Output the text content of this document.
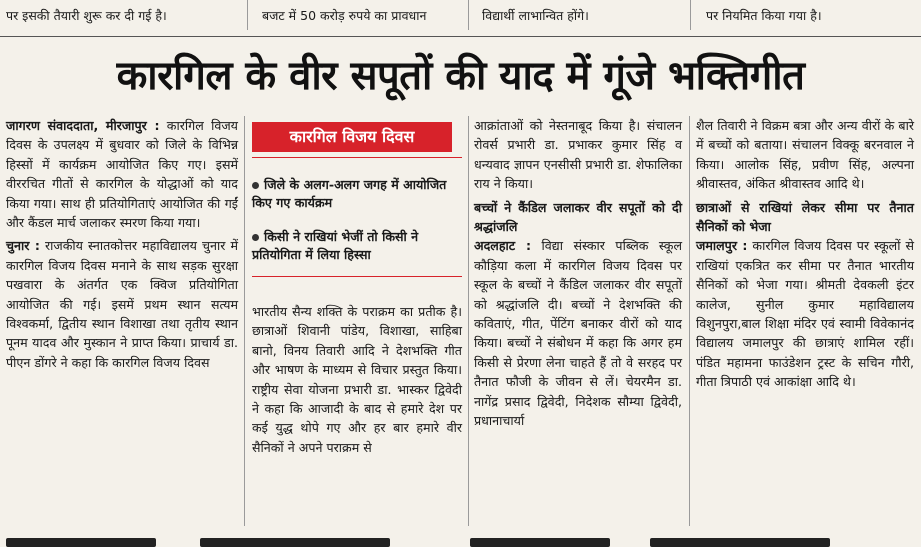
पर इसकी तैयारी शुरू कर दी गई है।	बजट में 50 करोड़ रुपये का प्रावधान	विद्यार्थी लाभान्वित होंगे।	पर नियमित किया गया है।
कारगिल के वीर सपूतों की याद में गूंजे भक्तिगीत

जागरण संवाददाता, मीरजापुर : कारगिल विजय दिवस के उपलक्ष्य में बुधवार को जिले के विभिन्न हिस्सों में कार्यक्रम आयोजित किए गए। इसमें वीररचित गीतों से कारगिल के योद्धाओं को याद किया गया। साथ ही प्रतियोगिताएं आयोजित की गईं और कैंडल मार्च जलाकर स्मरण किया गया।

चुनार : राजकीय स्नातकोत्तर महाविद्यालय चुनार में कारगिल विजय दिवस मनाने के साथ सड़क सुरक्षा पखवारा के अंतर्गत एक क्विज प्रतियोगिता आयोजित की गई। इसमें प्रथम स्थान सत्यम विश्वकर्मा, द्वितीय स्थान विशाखा तथा तृतीय स्थान पूनम यादव और मुस्कान ने प्राप्त किया। प्राचार्य डा. पीएन डोंगरे ने कहा कि कारगिल विजय दिवस

कारगिल विजय दिवस
जिले के अलग-अलग जगह में आयोजित किए गए कार्यक्रम
किसी ने राखियां भेजीं तो किसी ने प्रतियोगिता में लिया हिस्सा

भारतीय सैन्य शक्ति के पराक्रम का प्रतीक है। छात्राओं शिवानी पांडेय, विशाखा, साहिबा बानो, विनय तिवारी आदि ने देशभक्ति गीत और भाषण के माध्यम से विचार प्रस्तुत किया। राष्ट्रीय सेवा योजना प्रभारी डा. भास्कर द्विवेदी ने कहा कि आजादी के बाद से हमारे देश पर कई युद्ध थोपे गए और हर बार हमारे वीर सैनिकों ने अपने पराक्रम से

आक्रांताओं को नेस्तनाबूद किया है। संचालन रोवर्स प्रभारी डा. प्रभाकर कुमार सिंह व धन्यवाद ज्ञापन एनसीसी प्रभारी डा. शेफालिका राय ने किया।

बच्चों ने कैंडिल जलाकर वीर सपूतों को दी श्रद्धांजलि

अदलहाट : विद्या संस्कार पब्लिक स्कूल कौड़िया कला में कारगिल विजय दिवस पर स्कूल के बच्चों ने कैंडिल जलाकर वीर सपूतों को श्रद्धांजलि दी। बच्चों ने देशभक्ति की कविताएं, गीत, पेंटिंग बनाकर वीरों को याद किया। बच्चों ने संबोधन में कहा कि अगर हम किसी से प्रेरणा लेना चाहते हैं तो वे सरहद पर तैनात फौजी के जीवन से लें। चेयरमैन डा. नागेंद्र प्रसाद द्विवेदी, निदेशक सौम्या द्विवेदी, प्रधानाचार्या

शैल तिवारी ने विक्रम बत्रा और अन्य वीरों के बारे में बच्चों को बताया। संचालन विक्कू बरनवाल ने किया। आलोक सिंह, प्रवीण सिंह, अल्पना श्रीवास्तव, अंकित श्रीवास्तव आदि थे।

छात्राओं से राखियां लेकर सीमा पर तैनात सैनिकों को भेजा

जमालपुर : कारगिल विजय दिवस पर स्कूलों से राखियां एकत्रित कर सीमा पर तैनात भारतीय सैनिकों को भेजा गया। श्रीमती देवकली इंटर कालेज, सुनील कुमार महाविद्यालय विशुनपुरा,बाल शिक्षा मंदिर एवं स्वामी विवेकानंद विद्यालय जमालपुर की छात्राएं शामिल रहीं। पंडित महामना फाउंडेशन ट्रस्ट के सचिन गौरी, गीता त्रिपाठी एवं आकांक्षा आदि थे।
